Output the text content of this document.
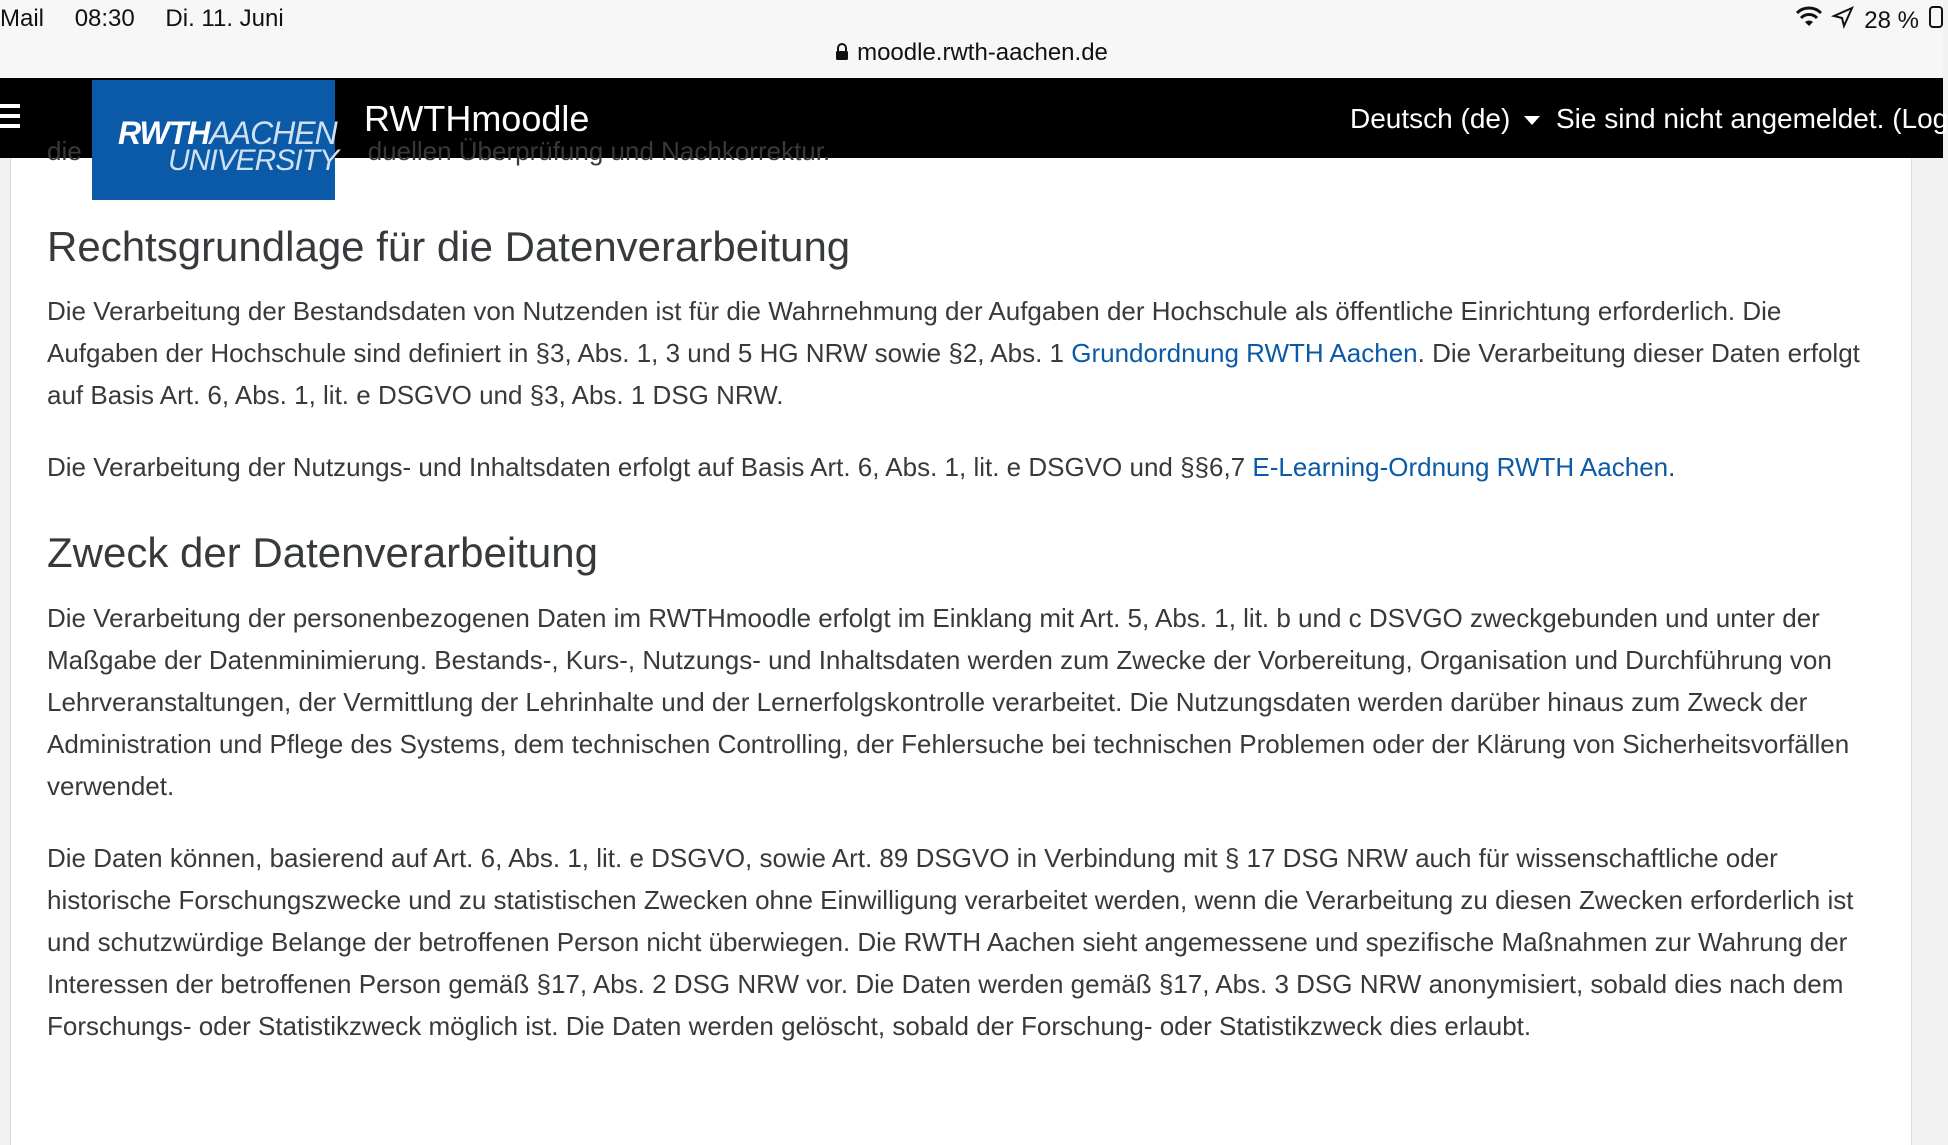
Mail 08:30 Di. 11. Juni	28 %
moodle.rwth-aachen.de
RWTHmoodle	Deutsch (de)	Sie sind nicht angemeldet. (Log
RWTHAACHEN
UNIVERSITY
die	duellen Überprüfung und Nachkorrektur.
Rechtsgrundlage für die Datenverarbeitung

Die Verarbeitung der Bestandsdaten von Nutzenden ist für die Wahrnehmung der Aufgaben der Hochschule als öffentliche Einrichtung erforderlich. Die Aufgaben der Hochschule sind definiert in §3, Abs. 1, 3 und 5 HG NRW sowie §2, Abs. 1 Grundordnung RWTH Aachen. Die Verarbeitung dieser Daten erfolgt auf Basis Art. 6, Abs. 1, lit. e DSGVO und §3, Abs. 1 DSG NRW.

Die Verarbeitung der Nutzungs- und Inhaltsdaten erfolgt auf Basis Art. 6, Abs. 1, lit. e DSGVO und §§6,7 E-Learning-Ordnung RWTH Aachen.

Zweck der Datenverarbeitung

Die Verarbeitung der personenbezogenen Daten im RWTHmoodle erfolgt im Einklang mit Art. 5, Abs. 1, lit. b und c DSVGO zweckgebunden und unter der Maßgabe der Datenminimierung. Bestands-, Kurs-, Nutzungs- und Inhaltsdaten werden zum Zwecke der Vorbereitung, Organisation und Durchführung von Lehrveranstaltungen, der Vermittlung der Lehrinhalte und der Lernerfolgskontrolle verarbeitet. Die Nutzungsdaten werden darüber hinaus zum Zweck der Administration und Pflege des Systems, dem technischen Controlling, der Fehlersuche bei technischen Problemen oder der Klärung von Sicherheitsvorfällen verwendet.

Die Daten können, basierend auf Art. 6, Abs. 1, lit. e DSGVO, sowie Art. 89 DSGVO in Verbindung mit § 17 DSG NRW auch für wissenschaftliche oder historische Forschungszwecke und zu statistischen Zwecken ohne Einwilligung verarbeitet werden, wenn die Verarbeitung zu diesen Zwecken erforderlich ist und schutzwürdige Belange der betroffenen Person nicht überwiegen. Die RWTH Aachen sieht angemessene und spezifische Maßnahmen zur Wahrung der Interessen der betroffenen Person gemäß §17, Abs. 2 DSG NRW vor. Die Daten werden gemäß §17, Abs. 3 DSG NRW anonymisiert, sobald dies nach dem Forschungs- oder Statistikzweck möglich ist. Die Daten werden gelöscht, sobald der Forschung- oder Statistikzweck dies erlaubt.
